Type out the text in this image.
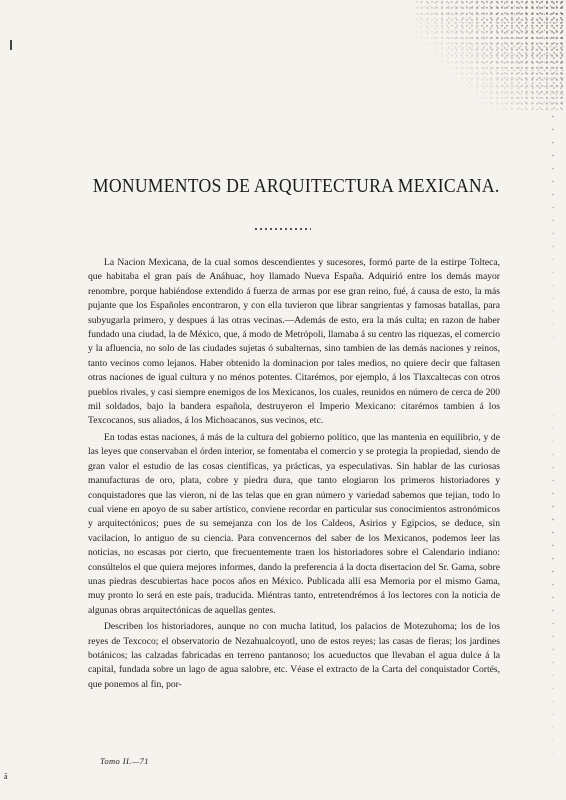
MONUMENTOS DE ARQUITECTURA MEXICANA.

La Nacion Mexicana, de la cual somos descendientes y sucesores, formó parte de la estirpe Tolteca, que habitaba el gran país de Anáhuac, hoy llamado Nueva España. Adquirió entre los demás mayor renombre, porque habiéndose extendido á fuerza de armas por ese gran reino, fué, á causa de esto, la más pujante que los Españoles encontraron, y con ella tuvieron que librar sangrientas y famosas batallas, para subyugarla primero, y despues á las otras vecinas.—Además de esto, era la más culta; en razon de haber fundado una ciudad, la de México, que, á modo de Metrópoli, llamaba á su centro las riquezas, el comercio y la afluencia, no solo de las ciudades sujetas ó subalternas, sino tambien de las demás naciones y reinos, tanto vecinos como lejanos. Haber obtenido la dominacion por tales medios, no quiere decir que faltasen otras naciones de igual cultura y no ménos potentes. Citarémos, por ejemplo, á los Tlaxcaltecas con otros pueblos rivales, y casi siempre enemigos de los Mexicanos, los cuales, reunidos en número de cerca de 200 mil soldados, bajo la bandera española, destruyeron el Imperio Mexicano: citarémos tambien á los Texcocanos, sus aliados, á los Michoacanos, sus vecinos, etc.

En todas estas naciones, á más de la cultura del gobierno político, que las mantenia en equilibrio, y de las leyes que conservaban el órden interior, se fomentaba el comercio y se protegia la propiedad, siendo de gran valor el estudio de las cosas científicas, ya prácticas, ya especulativas. Sin hablar de las curiosas manufacturas de oro, plata, cobre y piedra dura, que tanto elogiaron los primeros historiadores y conquistadores que las vieron, ni de las telas que en gran número y variedad sabemos que tejian, todo lo cual viene en apoyo de su saber artístico, conviene recordar en particular sus conocimientos astronómicos y arquitectónicos; pues de su semejanza con los de los Caldeos, Asirios y Egipcios, se deduce, sin vacilacion, lo antiguo de su ciencia. Para convencernos del saber de los Mexicanos, podemos leer las noticias, no escasas por cierto, que frecuentemente traen los historiadores sobre el Calendario indiano: consúltelos el que quiera mejores informes, dando la preferencia á la docta disertacion del Sr. Gama, sobre unas piedras descubiertas hace pocos años en México. Publicada allí esa Memoria por el mismo Gama, muy pronto lo será en este país, traducida. Miéntras tanto, entretendrémos á los lectores con la noticia de algunas obras arquitectónicas de aquellas gentes.

Describen los historiadores, aunque no con mucha latitud, los palacios de Motezuhoma; los de los reyes de Texcoco; el observatorio de Nezahualcoyotl, uno de estos reyes; las casas de fieras; los jardines botánicos; las calzadas fabricadas en terreno pantanoso; los acueductos que llevaban el agua dulce á la capital, fundada sobre un lago de agua salobre, etc. Véase el extracto de la Carta del conquistador Cortés, que ponemos al fin, por-

Tomo II.—71
ā
